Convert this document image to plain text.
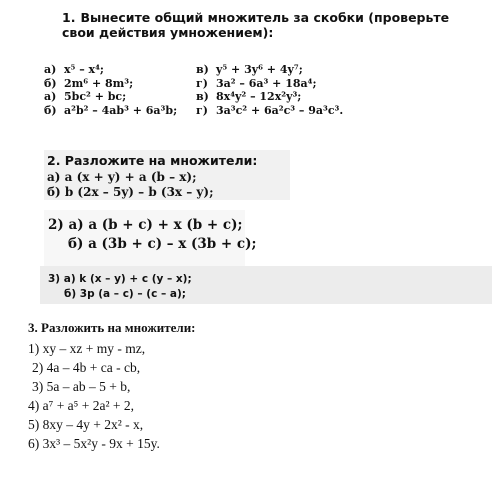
1. Вынесите общий множитель за скобки (проверьте свои действия умножением):
а) x⁵ – x⁴;	в) y⁵ + 3y⁶ + 4y⁷;
б) 2m⁶ + 8m³;	г) 3a² – 6a³ + 18a⁴;
а) 5bc² + bc;	в) 8x⁴y² – 12x²y³;
б) a²b² – 4ab³ + 6a³b;	г) 3a³c² + 6a²c³ – 9a³c³.
2. Разложите на множители:
а) a (x + y) + a (b – x);
б) b (2x – 5y) – b (3x – y);
2) а) a (b + c) + x (b + c);
б) a (3b + c) – x (3b + c);
3) а) k (x – y) + c (y – x);
б) 3p (a – c) – (c – a);
3. Разложить на множители:
1) xy – xz + my - mz,
2) 4a – 4b + ca - cb,
3) 5a – ab – 5 + b,
4) a⁷ + a⁵ + 2a² + 2,
5) 8xy – 4y + 2x² - x,
6) 3x³ – 5x²y - 9x + 15y.
